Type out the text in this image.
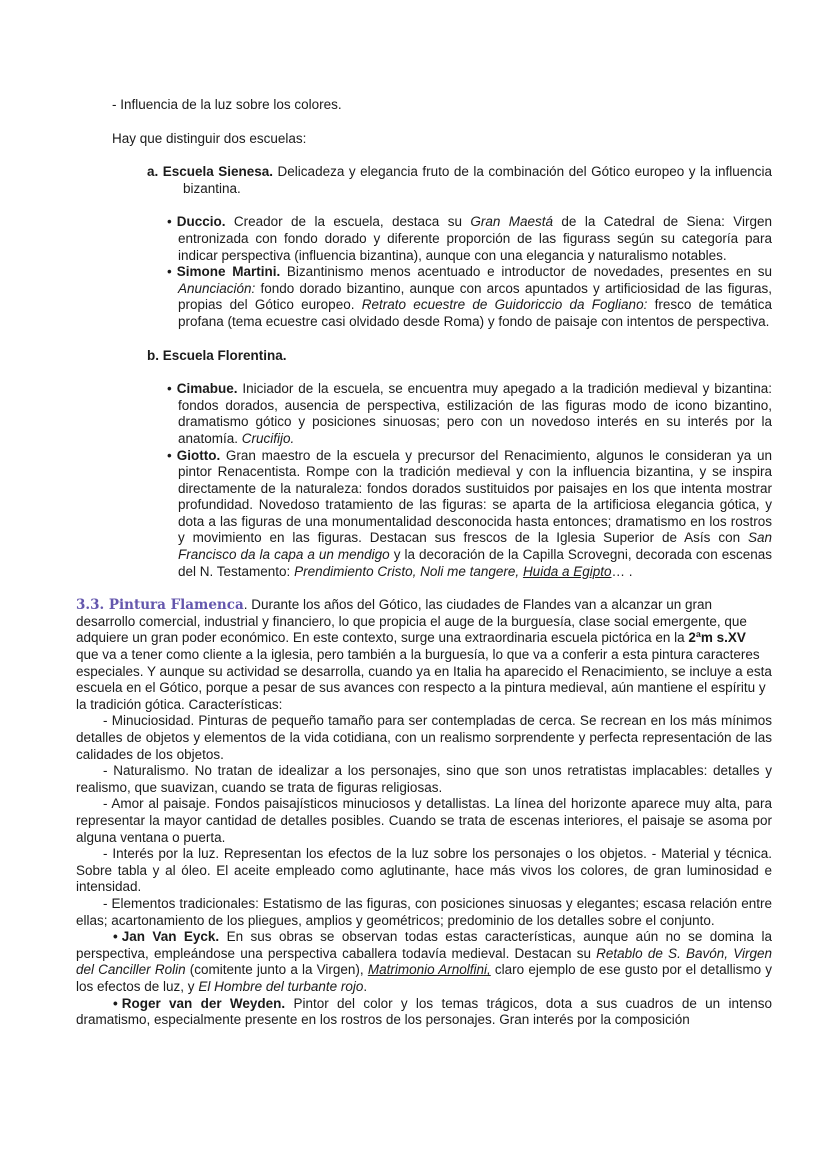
- Influencia de la luz sobre los colores.

Hay que distinguir dos escuelas:

a. Escuela Sienesa. Delicadeza y elegancia fruto de la combinación del Gótico europeo y la influencia bizantina.

• Duccio. Creador de la escuela, destaca su Gran Maestá de la Catedral de Siena: Virgen entronizada con fondo dorado y diferente proporción de las figurass según su categoría para indicar perspectiva (influencia bizantina), aunque con una elegancia y naturalismo notables.

• Simone Martini. Bizantinismo menos acentuado e introductor de novedades, presentes en su Anunciación: fondo dorado bizantino, aunque con arcos apuntados y artificiosidad de las figuras, propias del Gótico europeo. Retrato ecuestre de Guidoriccio da Fogliano: fresco de temática profana (tema ecuestre casi olvidado desde Roma) y fondo de paisaje con intentos de perspectiva.

b. Escuela Florentina.

• Cimabue. Iniciador de la escuela, se encuentra muy apegado a la tradición medieval y bizantina: fondos dorados, ausencia de perspectiva, estilización de las figuras modo de icono bizantino, dramatismo gótico y posiciones sinuosas; pero con un novedoso interés en su interés por la anatomía. Crucifijo.

• Giotto. Gran maestro de la escuela y precursor del Renacimiento, algunos le consideran ya un pintor Renacentista. Rompe con la tradición medieval y con la influencia bizantina, y se inspira directamente de la naturaleza: fondos dorados sustituidos por paisajes en los que intenta mostrar profundidad. Novedoso tratamiento de las figuras: se aparta de la artificiosa elegancia gótica, y dota a las figuras de una monumentalidad desconocida hasta entonces; dramatismo en los rostros y movimiento en las figuras. Destacan sus frescos de la Iglesia Superior de Asís con San Francisco da la capa a un mendigo y la decoración de la Capilla Scrovegni, decorada con escenas del N. Testamento: Prendimiento Cristo, Noli me tangere, Huida a Egipto… .

3.3. Pintura Flamenca. Durante los años del Gótico, las ciudades de Flandes van a alcanzar un gran desarrollo comercial, industrial y financiero, lo que propicia el auge de la burguesía, clase social emergente, que adquiere un gran poder económico. En este contexto, surge una extraordinaria escuela pictórica en la 2ªm s.XV que va a tener como cliente a la iglesia, pero también a la burguesía, lo que va a conferir a esta pintura caracteres especiales. Y aunque su actividad se desarrolla, cuando ya en Italia ha aparecido el Renacimiento, se incluye a esta escuela en el Gótico, porque a pesar de sus avances con respecto a la pintura medieval, aún mantiene el espíritu y la tradición gótica. Características:

- Minuciosidad. Pinturas de pequeño tamaño para ser contempladas de cerca. Se recrean en los más mínimos detalles de objetos y elementos de la vida cotidiana, con un realismo sorprendente y perfecta representación de las calidades de los objetos.

- Naturalismo. No tratan de idealizar a los personajes, sino que son unos retratistas implacables: detalles y realismo, que suavizan, cuando se trata de figuras religiosas.

- Amor al paisaje. Fondos paisajísticos minuciosos y detallistas. La línea del horizonte aparece muy alta, para representar la mayor cantidad de detalles posibles. Cuando se trata de escenas interiores, el paisaje se asoma por alguna ventana o puerta.

- Interés por la luz. Representan los efectos de la luz sobre los personajes o los objetos. - Material y técnica. Sobre tabla y al óleo. El aceite empleado como aglutinante, hace más vivos los colores, de gran luminosidad e intensidad.

- Elementos tradicionales: Estatismo de las figuras, con posiciones sinuosas y elegantes; escasa relación entre ellas; acartonamiento de los pliegues, amplios y geométricos; predominio de los detalles sobre el conjunto.

• Jan Van Eyck. En sus obras se observan todas estas características, aunque aún no se domina la perspectiva, empleándose una perspectiva caballera todavía medieval. Destacan su Retablo de S. Bavón, Virgen del Canciller Rolin (comitente junto a la Virgen), Matrimonio Arnolfini, claro ejemplo de ese gusto por el detallismo y los efectos de luz, y El Hombre del turbante rojo.

• Roger van der Weyden. Pintor del color y los temas trágicos, dota a sus cuadros de un intenso dramatismo, especialmente presente en los rostros de los personajes. Gran interés por la composición
